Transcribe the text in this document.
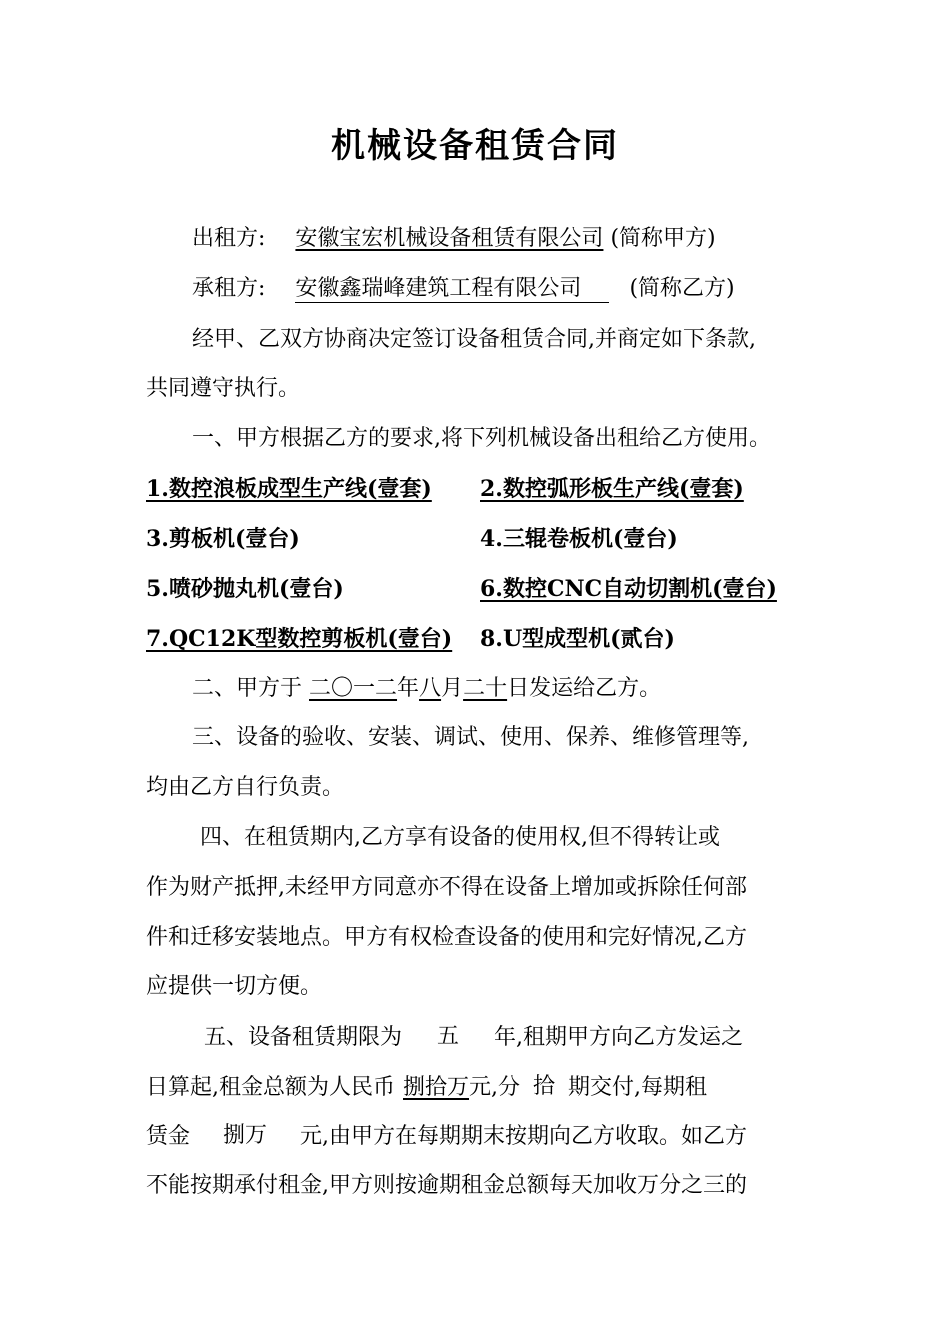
机械设备租赁合同
出租方: 安徽宝宏机械设备租赁有限公司 (简称甲方)
承租方: 安徽鑫瑞峰建筑工程有限公司 (简称乙方)
经甲、乙双方协商决定签订设备租赁合同,并商定如下条款,
共同遵守执行。
一、甲方根据乙方的要求,将下列机械设备出租给乙方使用。
1.数控浪板成型生产线(壹套) 2.数控弧形板生产线(壹套)
3.剪板机(壹台)	4.三辊卷板机(壹台)
5.喷砂抛丸机(壹台)	6.数控CNC自动切割机(壹台)
7.QC12K型数控剪板机(壹台) 8.U型成型机(贰台)
二、甲方于 二〇一二年八月二十日发运给乙方。
三、设备的验收、安装、调试、使用、保养、维修管理等,
均由乙方自行负责。
四、在租赁期内,乙方享有设备的使用权,但不得转让或
作为财产抵押,未经甲方同意亦不得在设备上增加或拆除任何部
件和迁移安装地点。甲方有权检查设备的使用和完好情况,乙方
应提供一切方便。
五、设备租赁期限为 五 年,租期甲方向乙方发运之
日算起,租金总额为人民币 捌拾万元,分 拾 期交付,每期租
赁金 捌万 元,由甲方在每期期末按期向乙方收取。如乙方
不能按期承付租金,甲方则按逾期租金总额每天加收万分之三的
